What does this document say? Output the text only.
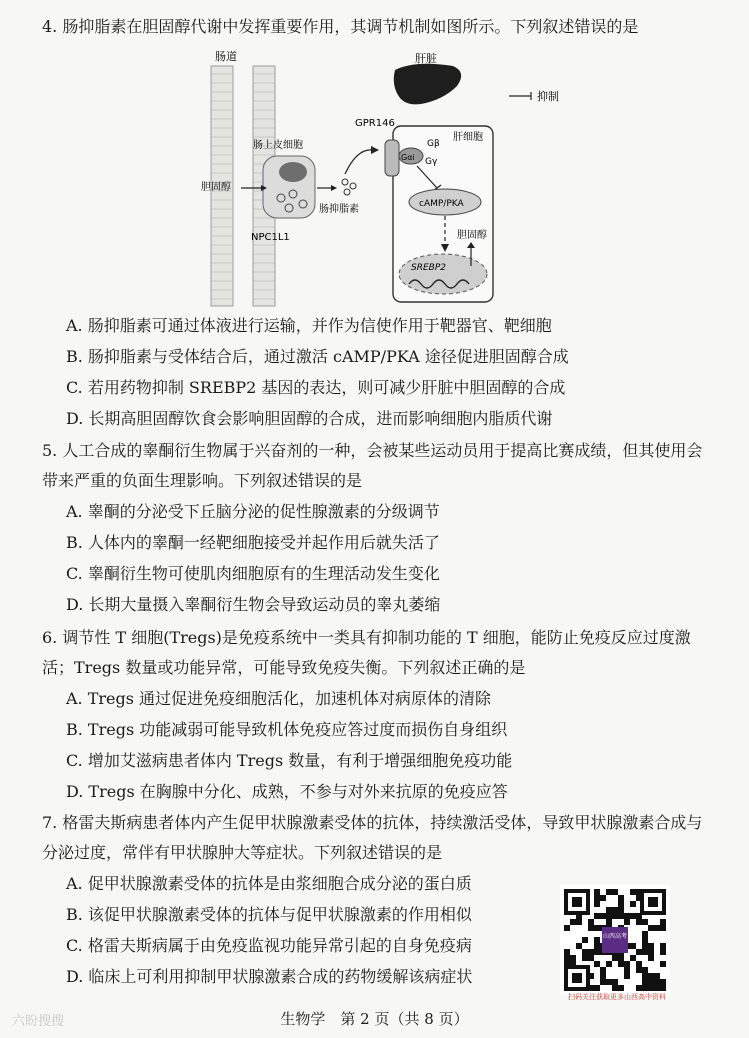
4. 肠抑脂素在胆固醇代谢中发挥重要作用，其调节机制如图所示。下列叙述错误的是

肠道	肝脏
抑制
肠上皮细胞
胆固醇
NPC1L1
肠抑脂素
GPR146
肝细胞
Gαi
Gβ
Gγ
cAMP/PKA
胆固醇
SREBP2

A. 肠抑脂素可通过体液进行运输，并作为信使作用于靶器官、靶细胞

B. 肠抑脂素与受体结合后，通过激活 cAMP/PKA 途径促进胆固醇合成

C. 若用药物抑制 SREBP2 基因的表达，则可减少肝脏中胆固醇的合成

D. 长期高胆固醇饮食会影响胆固醇的合成，进而影响细胞内脂质代谢

5. 人工合成的睾酮衍生物属于兴奋剂的一种，会被某些运动员用于提高比赛成绩，但其使用会带来严重的负面生理影响。下列叙述错误的是

A. 睾酮的分泌受下丘脑分泌的促性腺激素的分级调节

B. 人体内的睾酮一经靶细胞接受并起作用后就失活了

C. 睾酮衍生物可使肌肉细胞原有的生理活动发生变化

D. 长期大量摄入睾酮衍生物会导致运动员的睾丸萎缩

6. 调节性 T 细胞(Tregs)是免疫系统中一类具有抑制功能的 T 细胞，能防止免疫反应过度激活；Tregs 数量或功能异常，可能导致免疫失衡。下列叙述正确的是

A. Tregs 通过促进免疫细胞活化，加速机体对病原体的清除

B. Tregs 功能减弱可能导致机体免疫应答过度而损伤自身组织

C. 增加艾滋病患者体内 Tregs 数量，有利于增强细胞免疫功能

D. Tregs 在胸腺中分化、成熟，不参与对外来抗原的免疫应答

7. 格雷夫斯病患者体内产生促甲状腺激素受体的抗体，持续激活受体，导致甲状腺激素合成与分泌过度，常伴有甲状腺肿大等症状。下列叙述错误的是

A. 促甲状腺激素受体的抗体是由浆细胞合成分泌的蛋白质

B. 该促甲状腺激素受体的抗体与促甲状腺激素的作用相似

C. 格雷夫斯病属于由免疫监视功能异常引起的自身免疫病

D. 临床上可利用抑制甲状腺激素合成的药物缓解该病症状

山西高考
扫码关注获取更多山西高中资料
六盼搜搜	生物学　第 2 页（共 8 页）
